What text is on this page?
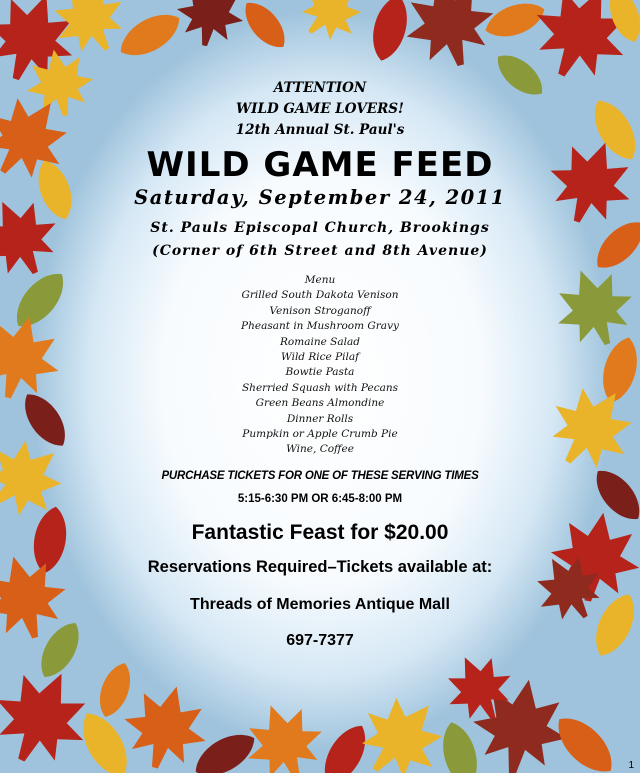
ATTENTION
WILD GAME LOVERS!
12th Annual St. Paul's
WILD GAME FEED
Saturday, September 24, 2011
St. Pauls Episcopal Church, Brookings
(Corner of 6th Street and 8th Avenue)
Menu
Grilled South Dakota Venison
Venison Stroganoff
Pheasant in Mushroom Gravy
Romaine Salad
Wild Rice Pilaf
Bowtie Pasta
Sherried Squash with Pecans
Green Beans Almondine
Dinner Rolls
Pumpkin or Apple Crumb Pie
Wine, Coffee
PURCHASE TICKETS FOR ONE OF THESE SERVING TIMES
5:15-6:30 PM OR 6:45-8:00 PM
Fantastic Feast for $20.00
Reservations Required–Tickets available at:
Threads of Memories Antique Mall
697-7377
1
